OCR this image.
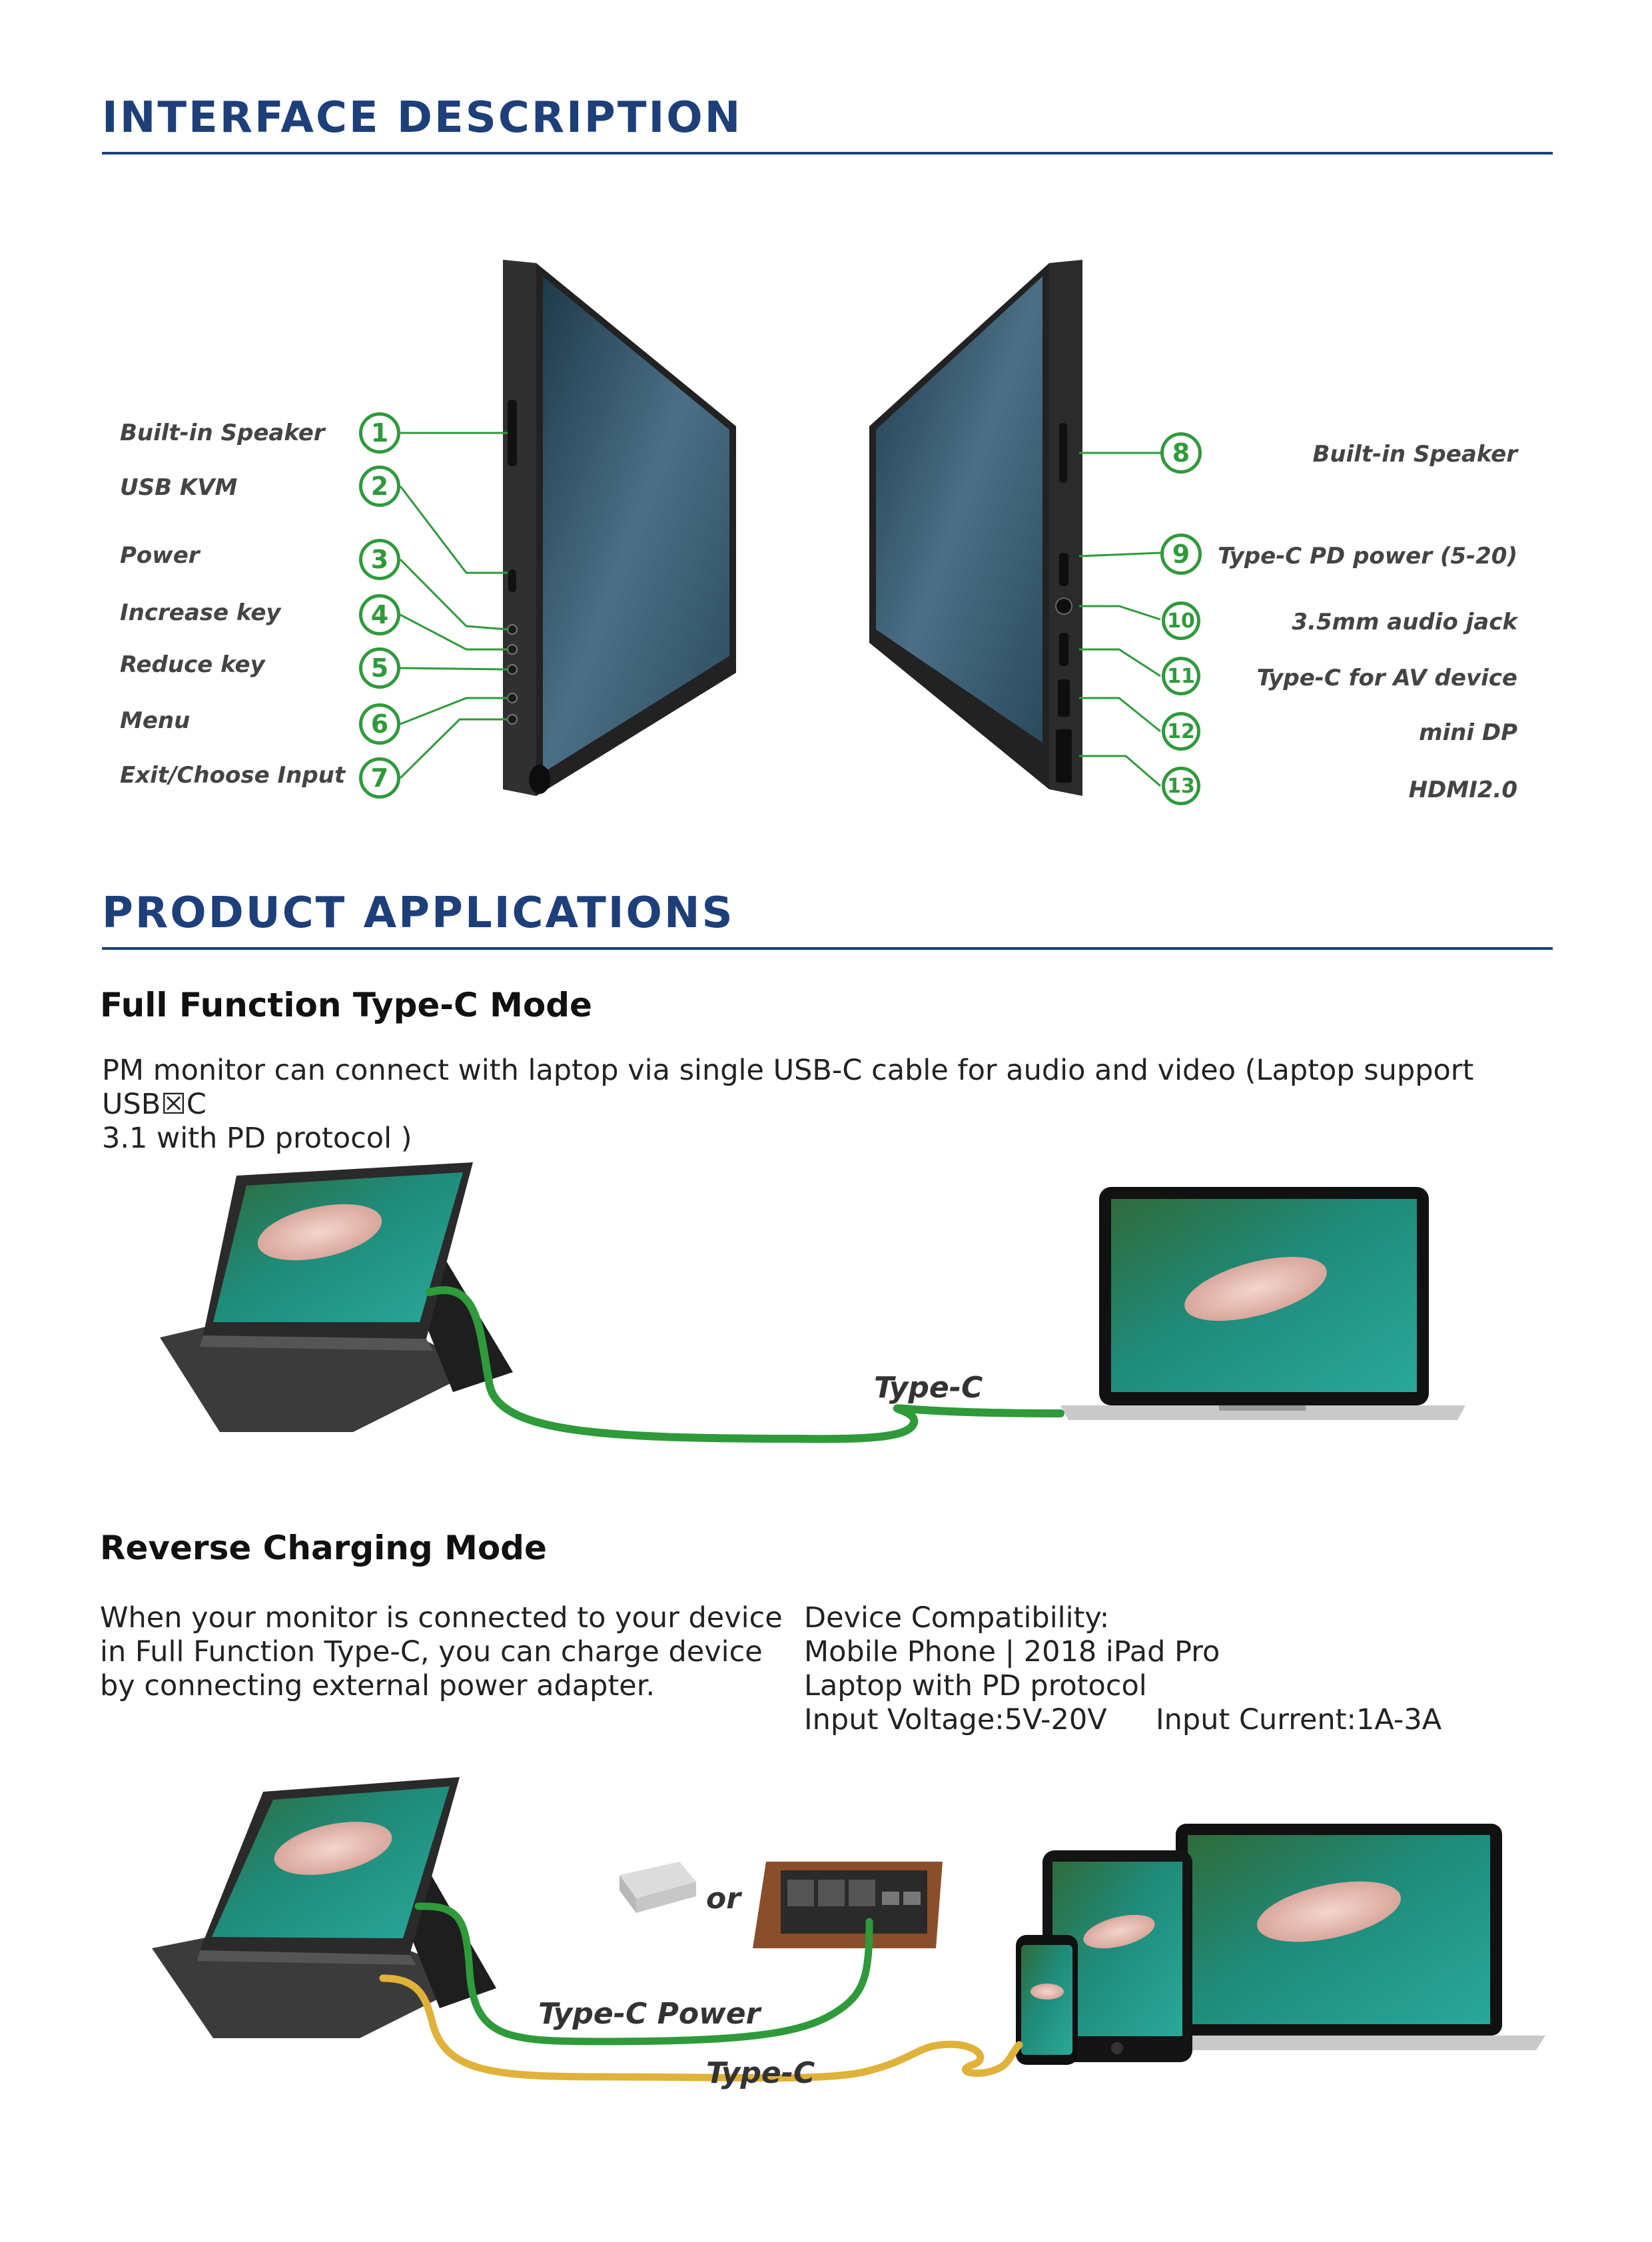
INTERFACE DESCRIPTION
PRODUCT APPLICATIONS
Built-in Speaker	1
USB KVM	2
Power	3
Increase key	4
Reduce key	5
Menu	6
Exit/Choose Input	7
8	Built-in Speaker
9	Type-C PD power (5-20)
10	3.5mm audio jack
11	Type-C for AV device
12	mini DP
13	HDMI2.0
Full Function Type-C Mode
PM monitor can connect with laptop via single USB-C cable for audio and video (Laptop support USB☒C
3.1 with PD protocol )
Type-C
Reverse Charging Mode
When your monitor is connected to your device
in Full Function Type-C, you can charge device
by connecting external power adapter.
Device Compatibility:
Mobile Phone | 2018 iPad Pro
Laptop with PD protocol
Input Voltage:5V-20V Input Current:1A-3A
or
Type-C Power
Type-C
